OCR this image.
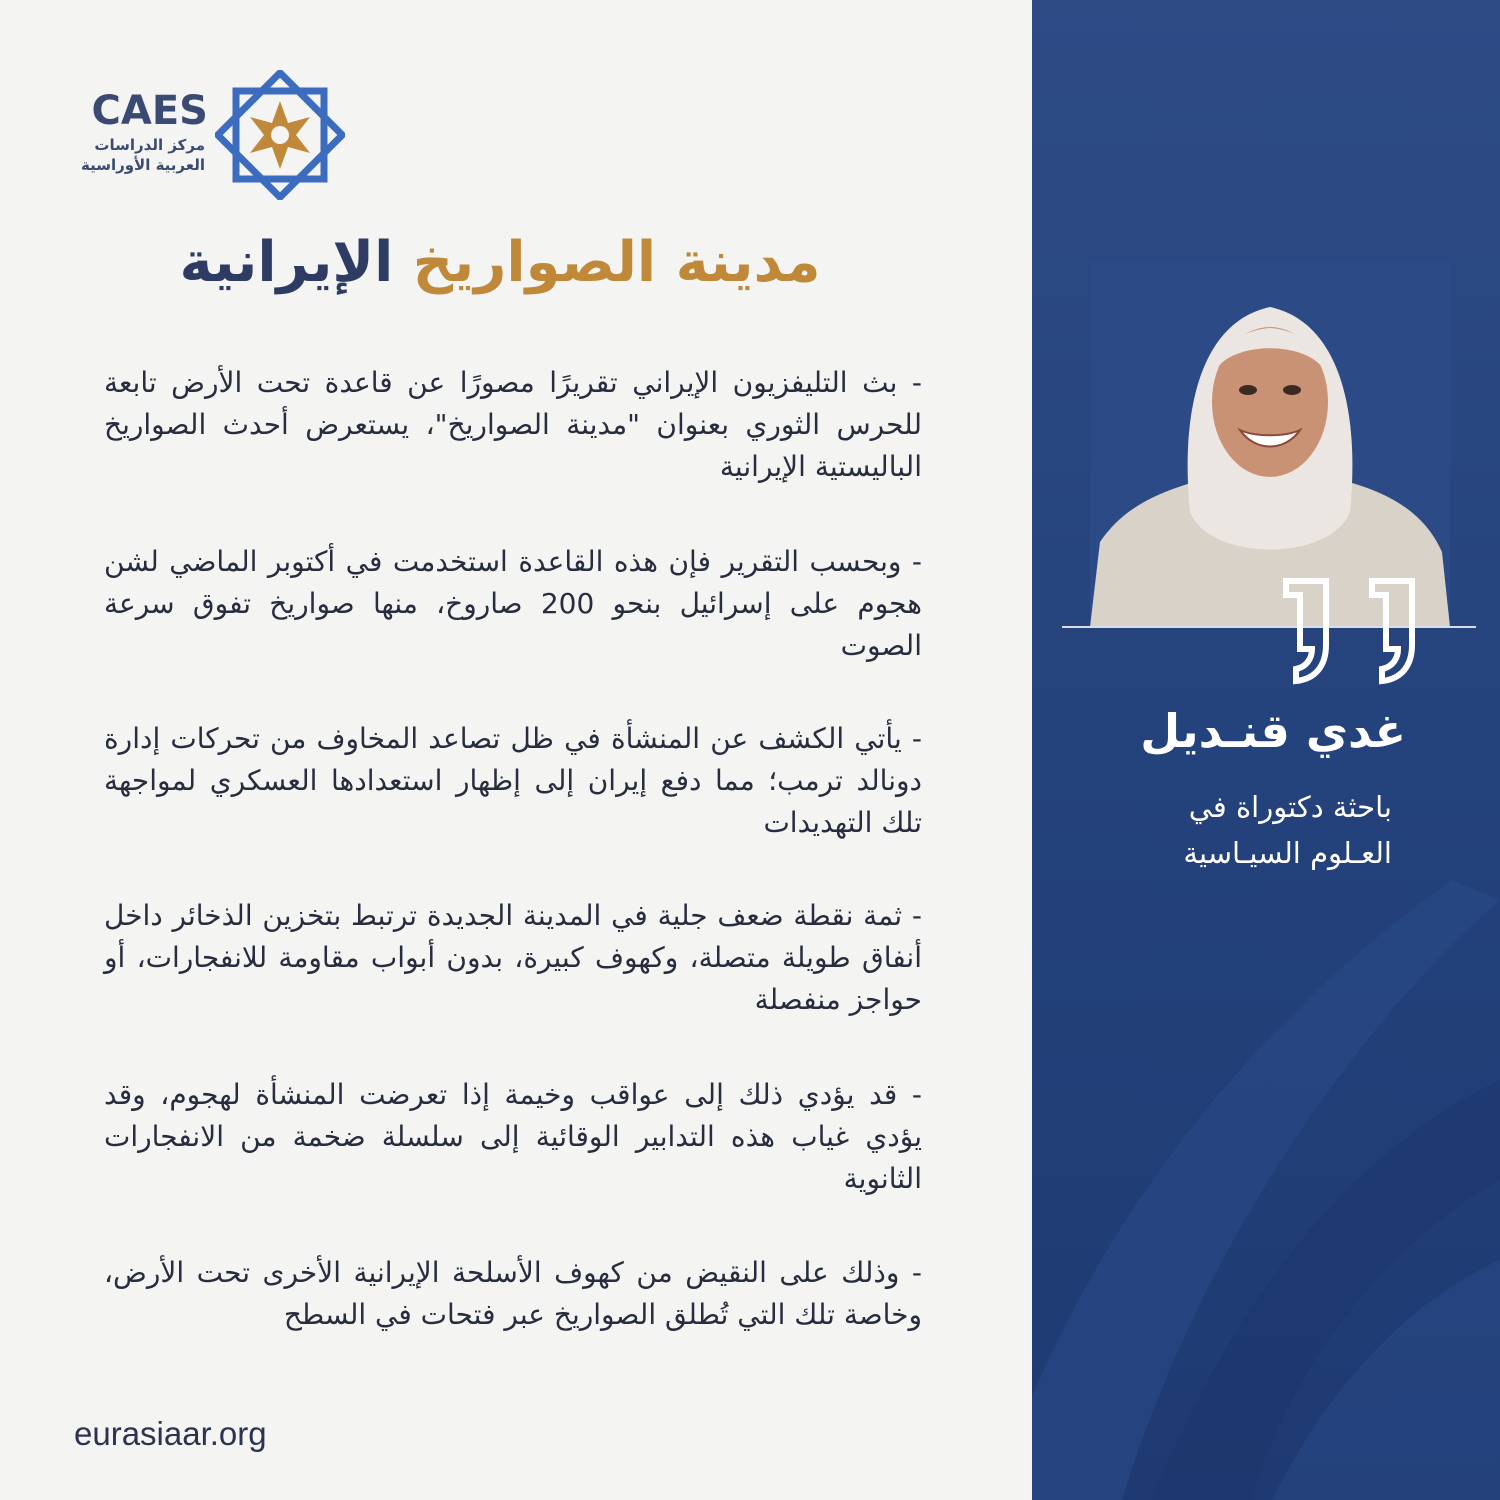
CAES
مركز الدراسات
العربية الأوراسية
مدينة الصواريخ الإيرانية
- بث التليفزيون الإيراني تقريرًا مصورًا عن قاعدة تحت الأرض تابعة للحرس الثوري بعنوان "مدينة الصواريخ"، يستعرض أحدث الصواريخ الباليستية الإيرانية
- وبحسب التقرير فإن هذه القاعدة استخدمت في أكتوبر الماضي لشن هجوم على إسرائيل بنحو 200 صاروخ، منها صواريخ تفوق سرعة الصوت
- يأتي الكشف عن المنشأة في ظل تصاعد المخاوف من تحركات إدارة دونالد ترمب؛ مما دفع إيران إلى إظهار استعدادها العسكري لمواجهة تلك التهديدات
- ثمة نقطة ضعف جلية في المدينة الجديدة ترتبط بتخزين الذخائر داخل أنفاق طويلة متصلة، وكهوف كبيرة، بدون أبواب مقاومة للانفجارات، أو حواجز منفصلة
- قد يؤدي ذلك إلى عواقب وخيمة إذا تعرضت المنشأة لهجوم، وقد يؤدي غياب هذه التدابير الوقائية إلى سلسلة ضخمة من الانفجارات الثانوية
- وذلك على النقيض من كهوف الأسلحة الإيرانية الأخرى تحت الأرض، وخاصة تلك التي تُطلق الصواريخ عبر فتحات في السطح
eurasiaar.org
غدي قنـديل
باحثة دكتوراة في
العـلوم السيـاسية
